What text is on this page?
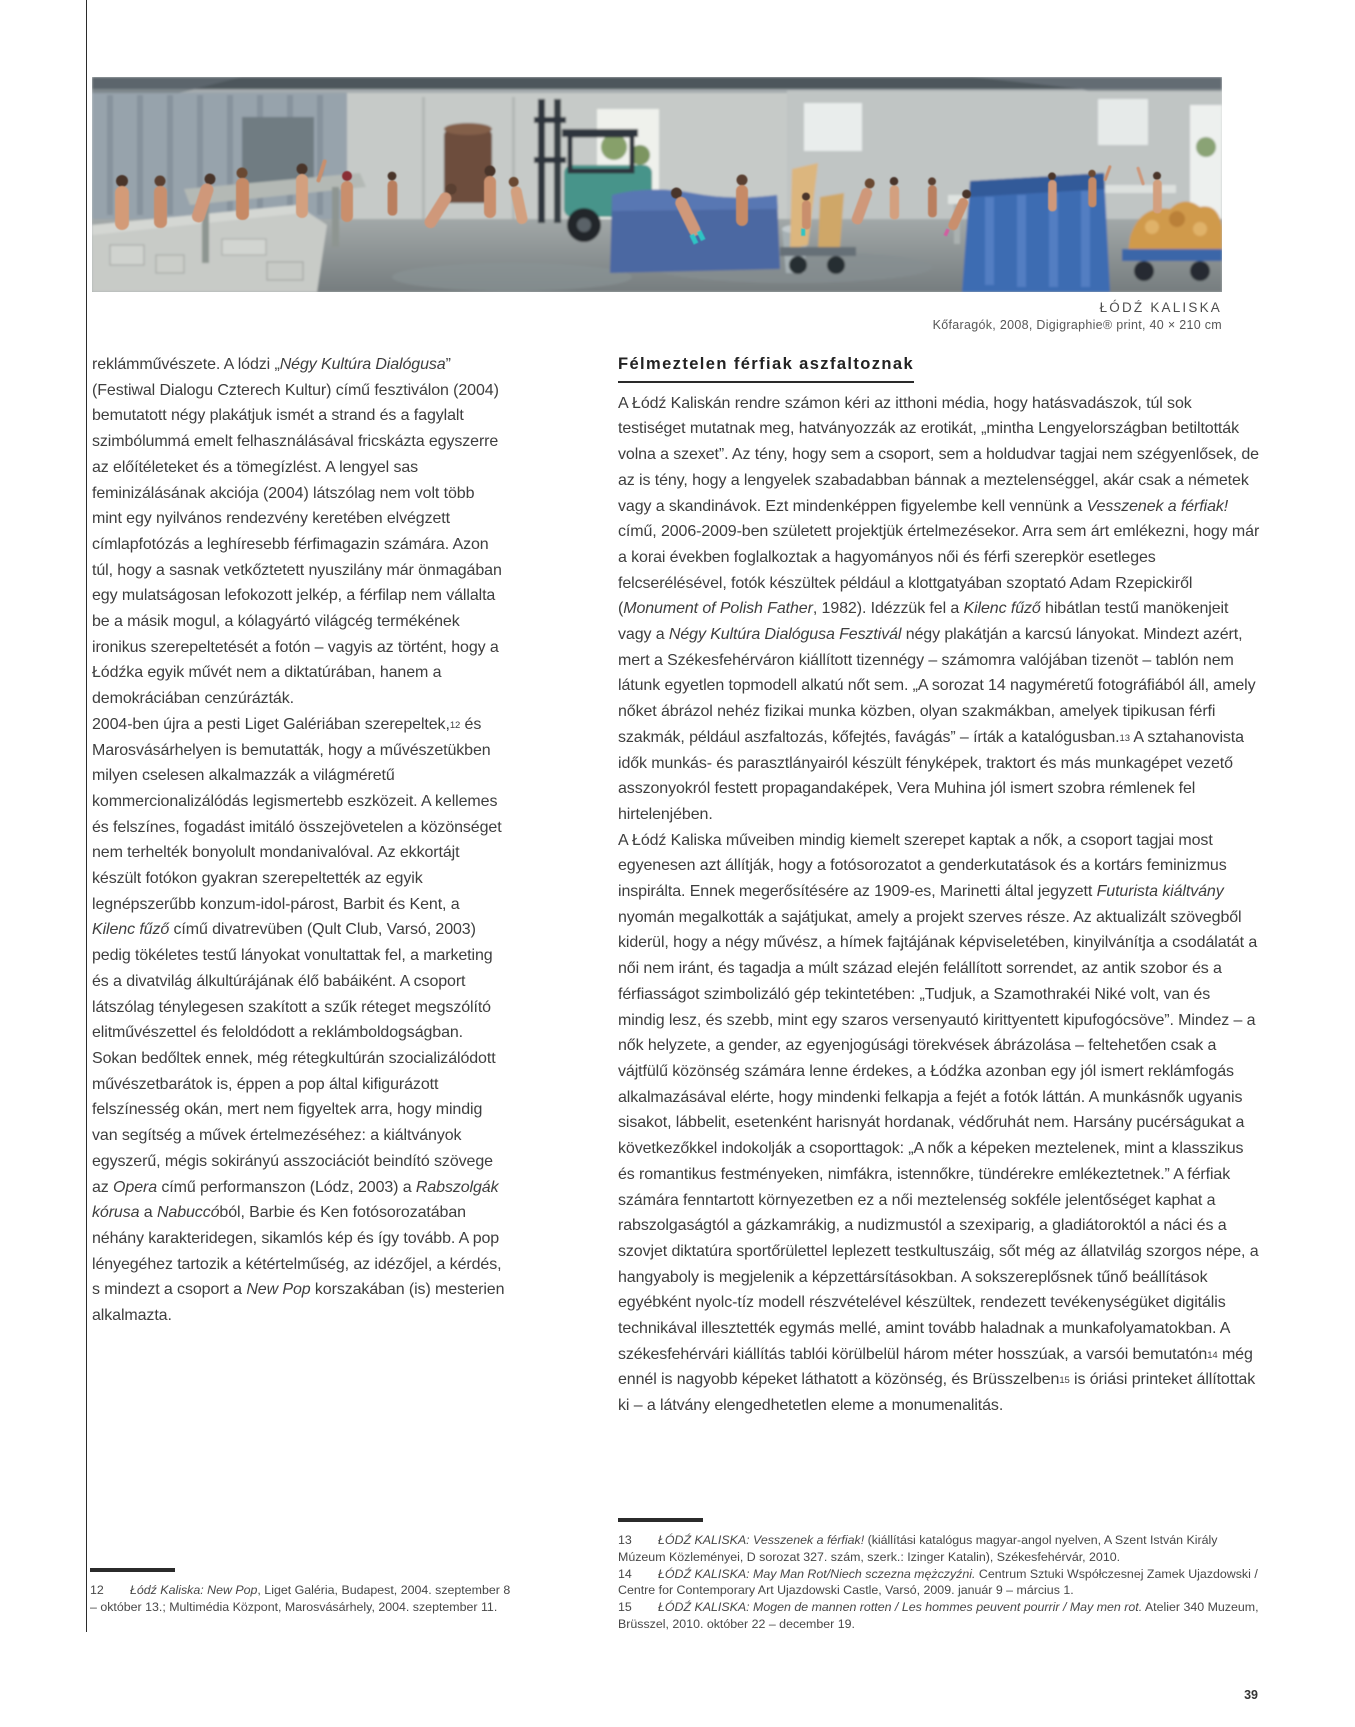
ŁÓDŹ KALISKA
Kőfaragók, 2008, Digigraphie® print, 40 × 210 cm

reklámművészete. A lódzi „Négy Kultúra Dialógusa” (Festiwal Dialogu Czterech Kultur) című fesztiválon (2004) bemutatott négy plakátjuk ismét a strand és a fagylalt szimbólummá emelt felhasználásával fricskázta egyszerre az előítéleteket és a tömegízlést. A lengyel sas feminizálásának akciója (2004) látszólag nem volt több mint egy nyilvános rendezvény keretében elvégzett címlapfotózás a leghíresebb férfimagazin számára. Azon túl, hogy a sasnak vetkőztetett nyuszilány már önmagában egy mulatságosan lefokozott jelkép, a férfilap nem vállalta be a másik mogul, a kólagyártó világcég termékének ironikus szerepeltetését a fotón – vagyis az történt, hogy a Łódźka egyik művét nem a diktatúrában, hanem a demokráciában cenzúrázták.

2004-ben újra a pesti Liget Galériában szerepeltek,$^{12}$ és Marosvásárhelyen is bemutatták, hogy a művészetükben milyen cselesen alkalmazzák a világméretű kommercionalizálódás legismertebb eszközeit. A kellemes és felszínes, fogadást imitáló összejövetelen a közönséget nem terhelték bonyolult mondanivalóval. Az ekkortájt készült fotókon gyakran szerepeltették az egyik legnépszerűbb konzum-idol-párost, Barbit és Kent, a Kilenc fűző című divatrevüben (Qult Club, Varsó, 2003) pedig tökéletes testű lányokat vonultattak fel, a marketing és a divatvilág álkultúrájának élő babáiként. A csoport látszólag ténylegesen szakított a szűk réteget megszólító elitművészettel és feloldódott a reklámboldogságban. Sokan bedőltek ennek, még rétegkultúrán szocializálódott művészetbarátok is, éppen a pop által kifigurázott felszínesség okán, mert nem figyeltek arra, hogy mindig van segítség a művek értelmezéséhez: a kiáltványok egyszerű, mégis sokirányú asszociációt beindító szövege az Opera című performanszon (Lódz, 2003) a Rabszolgák kórusa a Nabuccóból, Barbie és Ken fotósorozatában néhány karakteridegen, sikamlós kép és így tovább. A pop lényegéhez tartozik a kétértelműség, az idézőjel, a kérdés, s mindezt a csoport a New Pop korszakában (is) mesterien alkalmazta.

Félmeztelen férfiak aszfaltoznak

A Łódź Kaliskán rendre számon kéri az itthoni média, hogy hatásvadászok, túl sok testiséget mutatnak meg, hatványozzák az erotikát, „mintha Lengyelországban betiltották volna a szexet”. Az tény, hogy sem a csoport, sem a holdudvar tagjai nem szégyenlősek, de az is tény, hogy a lengyelek szabadabban bánnak a meztelenséggel, akár csak a németek vagy a skandinávok. Ezt mindenképpen figyelembe kell vennünk a Vesszenek a férfiak! című, 2006-2009-ben született projektjük értelmezésekor. Arra sem árt emlékezni, hogy már a korai években foglalkoztak a hagyományos női és férfi szerepkör esetleges felcserélésével, fotók készültek például a klottgatyában szoptató Adam Rzepickiről (Monument of Polish Father, 1982). Idézzük fel a Kilenc fűző hibátlan testű manökenjeit vagy a Négy Kultúra Dialógusa Fesztivál négy plakátján a karcsú lányokat. Mindezt azért, mert a Székesfehérváron kiállított tizennégy – számomra valójában tizenöt – tablón nem látunk egyetlen topmodell alkatú nőt sem. „A sorozat 14 nagyméretű fotográfiából áll, amely nőket ábrázol nehéz fizikai munka közben, olyan szakmákban, amelyek tipikusan férfi szakmák, például aszfaltozás, kőfejtés, favágás” – írták a katalógusban.$^{13}$ A sztahanovista idők munkás- és parasztlányairól készült fényképek, traktort és más munkagépet vezető asszonyokról festett propagandaképek, Vera Muhina jól ismert szobra rémlenek fel hirtelenjében.

A Łódź Kaliska műveiben mindig kiemelt szerepet kaptak a nők, a csoport tagjai most egyenesen azt állítják, hogy a fotósorozatot a genderkutatások és a kortárs feminizmus inspirálta. Ennek megerősítésére az 1909-es, Marinetti által jegyzett Futurista kiáltvány nyomán megalkották a sajátjukat, amely a projekt szerves része. Az aktualizált szövegből kiderül, hogy a négy művész, a hímek fajtájának képviseletében, kinyilvánítja a csodálatát a női nem iránt, és tagadja a múlt század elején felállított sorrendet, az antik szobor és a férfiasságot szimbolizáló gép tekintetében: „Tudjuk, a Szamothrakéi Niké volt, van és mindig lesz, és szebb, mint egy szaros versenyautó kirittyentett kipufogócsöve”. Mindez – a nők helyzete, a gender, az egyenjogúsági törekvések ábrázolása – feltehetően csak a vájtfülű közönség számára lenne érdekes, a Łódźka azonban egy jól ismert reklámfogás alkalmazásával elérte, hogy mindenki felkapja a fejét a fotók láttán. A munkásnők ugyanis sisakot, lábbelit, esetenként harisnyát hordanak, védőruhát nem. Harsány pucérságukat a következőkkel indokolják a csoporttagok: „A nők a képeken meztelenek, mint a klasszikus és romantikus festményeken, nimfákra, istennőkre, tündérekre emlékeztetnek.” A férfiak számára fenntartott környezetben ez a női meztelenség sokféle jelentőséget kaphat a rabszolgaságtól a gázkamrákig, a nudizmustól a szexiparig, a gladiátoroktól a náci és a szovjet diktatúra sportőrülettel leplezett testkultuszáig, sőt még az állatvilág szorgos népe, a hangyaboly is megjelenik a képzettársításokban. A sokszereplősnek tűnő beállítások egyébként nyolc-tíz modell részvételével készültek, rendezett tevékenységüket digitális technikával illesztették egymás mellé, amint tovább haladnak a munkafolyamatokban. A székesfehérvári kiállítás tablói körülbelül három méter hosszúak, a varsói bemutatón$^{14}$ még ennél is nagyobb képeket láthatott a közönség, és Brüsszelben$^{15}$ is óriási printeket állítottak ki – a látvány elengedhetetlen eleme a monumenalitás.

12 Łódź Kaliska: New Pop, Liget Galéria, Budapest, 2004. szeptember 8 – október 13.; Multimédia Központ, Marosvásárhely, 2004. szeptember 11.

13 ŁÓDŹ KALISKA: Vesszenek a férfiak! (kiállítási katalógus magyar-angol nyelven, A Szent István Király Múzeum Közleményei, D sorozat 327. szám, szerk.: Izinger Katalin), Székesfehérvár, 2010.

14 ŁÓDŹ KALISKA: May Man Rot/Niech sczezna mężczyźni. Centrum Sztuki Współczesnej Zamek Ujazdowski / Centre for Contemporary Art Ujazdowski Castle, Varsó, 2009. január 9 – március 1.

15 ŁÓDŹ KALISKA: Mogen de mannen rotten / Les hommes peuvent pourrir / May men rot. Atelier 340 Muzeum, Brüsszel, 2010. október 22 – december 19.

39
